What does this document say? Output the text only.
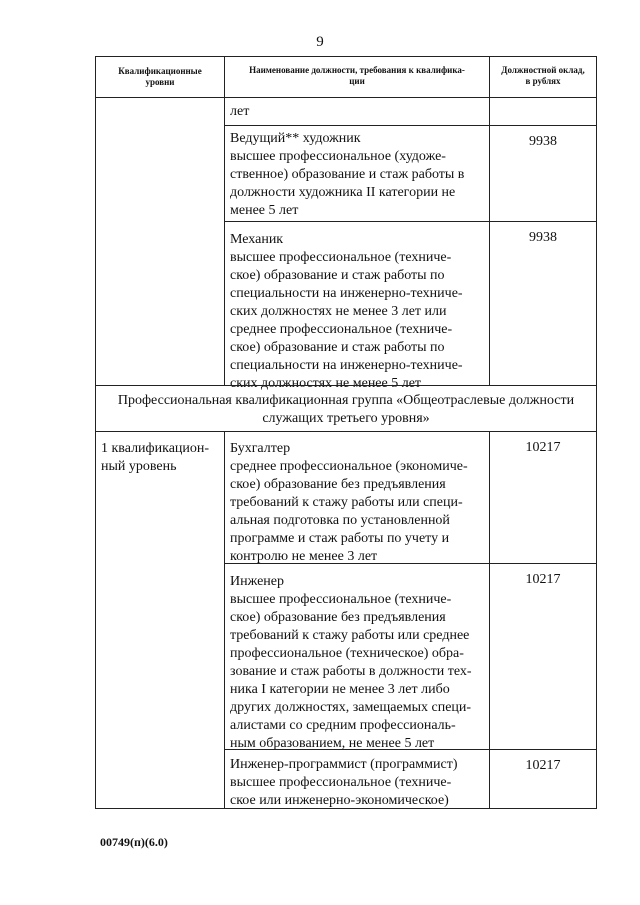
9
Квалификационные
уровни
Наименование должности, требования к квалифика-
ции
Должностной оклад,
в рублях
лет
Ведущий** художник
высшее профессиональное (художе-
ственное) образование и стаж работы в
должности художника II категории не
менее 5 лет
9938
Механик
высшее профессиональное (техниче-
ское) образование и стаж работы по
специальности на инженерно-техниче-
ских должностях не менее 3 лет или
среднее профессиональное (техниче-
ское) образование и стаж работы по
специальности на инженерно-техниче-
ских должностях не менее 5 лет
9938
Профессиональная квалификационная группа «Общеотраслевые должности
служащих третьего уровня»
1 квалификацион-
ный уровень
Бухгалтер
среднее профессиональное (экономиче-
ское) образование без предъявления
требований к стажу работы или специ-
альная подготовка по установленной
программе и стаж работы по учету и
контролю не менее 3 лет
10217
Инженер
высшее профессиональное (техниче-
ское) образование без предъявления
требований к стажу работы или среднее
профессиональное (техническое) обра-
зование и стаж работы в должности тех-
ника I категории не менее 3 лет либо
других должностях, замещаемых специ-
алистами со средним профессиональ-
ным образованием, не менее 5 лет
10217
Инженер-программист (программист)
высшее профессиональное (техниче-
ское или инженерно-экономическое)
10217
00749(п)(6.0)
